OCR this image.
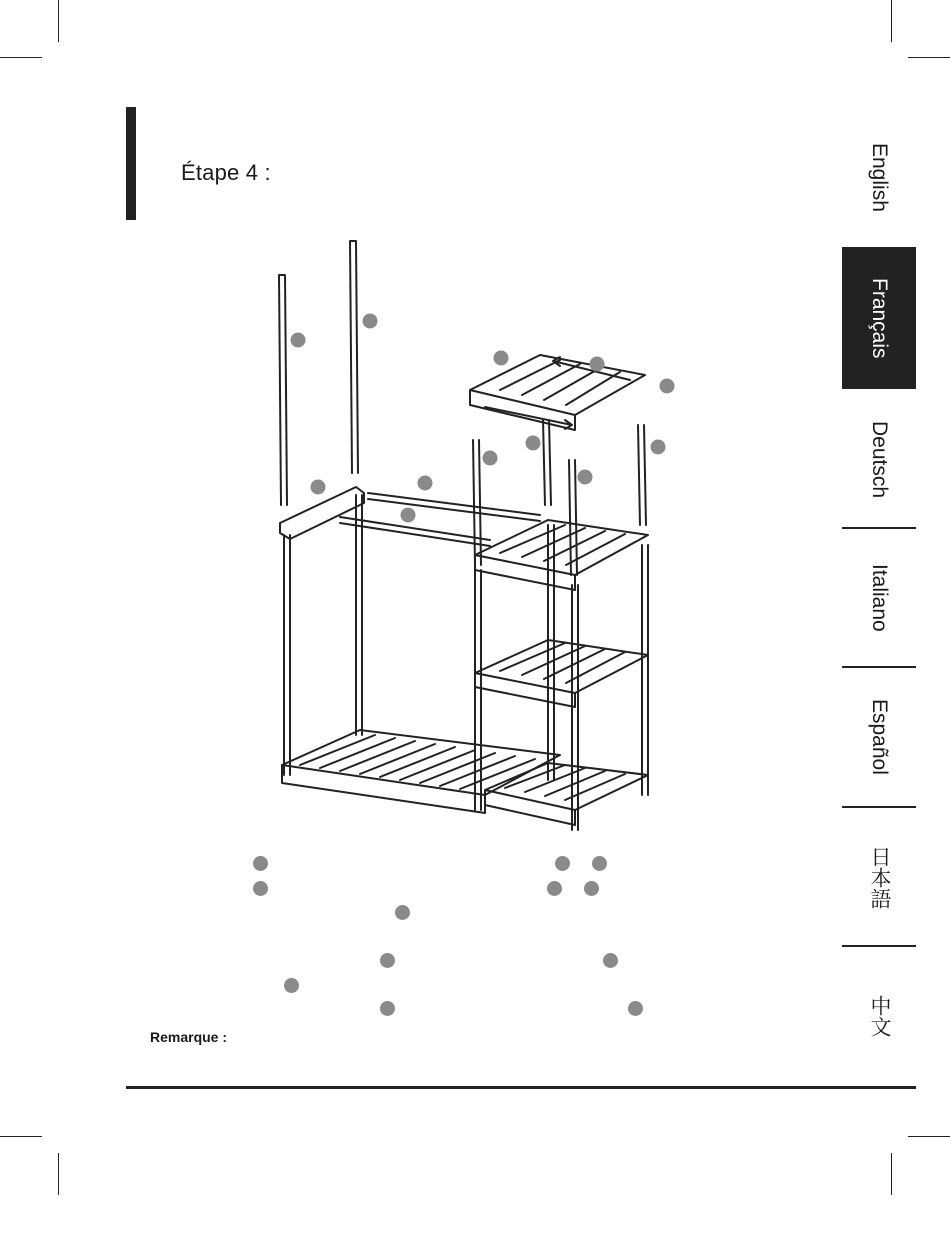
Étape 4 :	English
Français
Deutsch
Italiano
Español
日本語
中文
Remarque :
